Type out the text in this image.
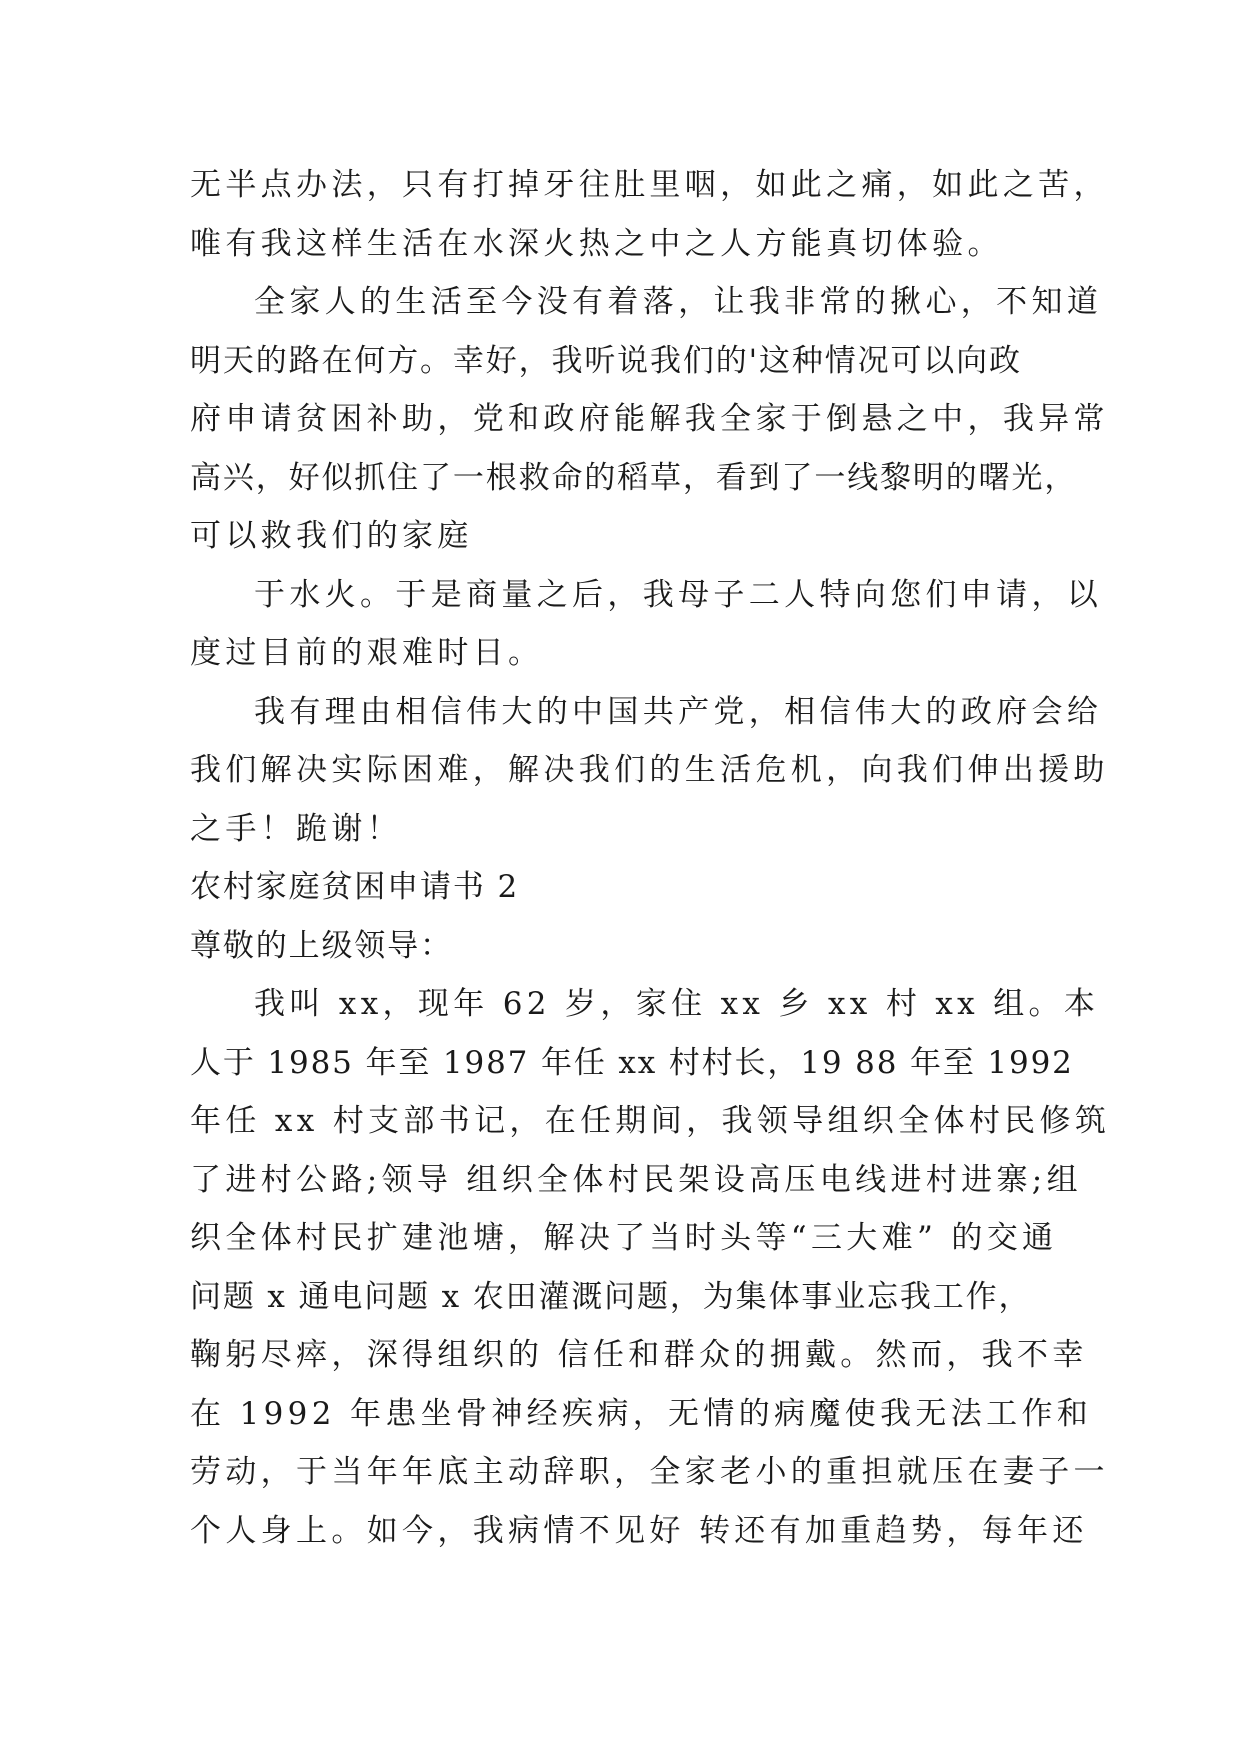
无半点办法，只有打掉牙往肚里咽，如此之痛，如此之苦，
唯有我这样生活在水深火热之中之人方能真切体验。
全家人的生活至今没有着落，让我非常的揪心，不知道
明天的路在何方。幸好，我听说我们的'这种情况可以向政
府申请贫困补助，党和政府能解我全家于倒悬之中，我异常
高兴，好似抓住了一根救命的稻草，看到了一线黎明的曙光，
可以救我们的家庭
于水火。于是商量之后，我母子二人特向您们申请，以
度过目前的艰难时日。
我有理由相信伟大的中国共产党，相信伟大的政府会给
我们解决实际困难，解决我们的生活危机，向我们伸出援助
之手！跪谢！
农村家庭贫困申请书 2
尊敬的上级领导：
我叫 xx，现年 62 岁，家住 xx 乡 xx 村 xx 组。本
人于 1985 年至 1987 年任 xx 村村长，19 88 年至 1992
年任 xx 村支部书记，在任期间，我领导组织全体村民修筑
了进村公路;领导 组织全体村民架设高压电线进村进寨;组
织全体村民扩建池塘，解决了当时头等“三大难” 的交通
问题 x 通电问题 x 农田灌溉问题，为集体事业忘我工作，
鞠躬尽瘁，深得组织的 信任和群众的拥戴。然而，我不幸
在 1992 年患坐骨神经疾病，无情的病魔使我无法工作和
劳动，于当年年底主动辞职，全家老小的重担就压在妻子一
个人身上。如今，我病情不见好 转还有加重趋势，每年还
